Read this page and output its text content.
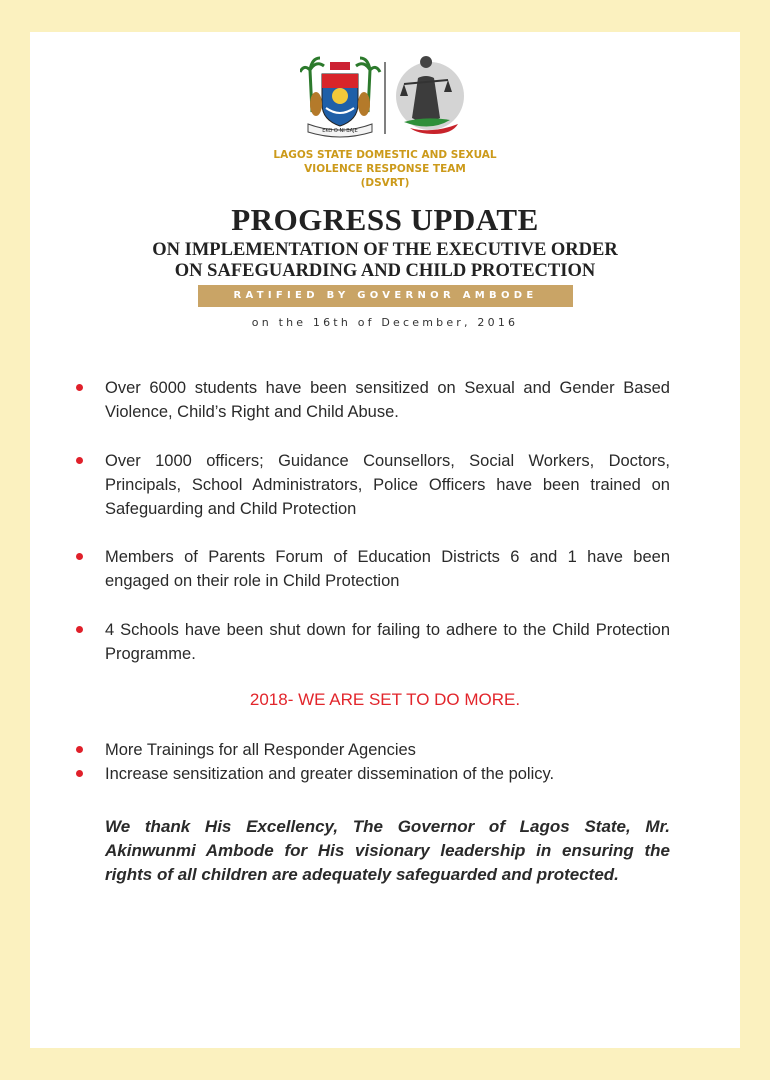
EKO O NI BAJE
LAGOS STATE DOMESTIC AND SEXUAL
VIOLENCE RESPONSE TEAM
(DSVRT)
PROGRESS UPDATE
ON IMPLEMENTATION OF THE EXECUTIVE ORDER
ON SAFEGUARDING AND CHILD PROTECTION
RATIFIED BY GOVERNOR AMBODE
on the 16th of December, 2016
Over 6000 students have been sensitized on Sexual and Gender Based Violence, Child’s Right and Child Abuse.
Over 1000 officers; Guidance Counsellors, Social Workers, Doctors, Principals, School Administrators, Police Officers have been trained on Safeguarding and Child Protection
Members of Parents Forum of Education Districts 6 and 1 have been engaged on their role in Child Protection
4 Schools have been shut down for failing to adhere to the Child Protection Programme.
2018- WE ARE SET TO DO MORE.
More Trainings for all Responder Agencies
Increase sensitization and greater dissemination of the policy.
We thank His Excellency, The Governor of Lagos State, Mr. Akinwunmi Ambode for His visionary leadership in ensuring the rights of all children are adequately safeguarded and protected.
